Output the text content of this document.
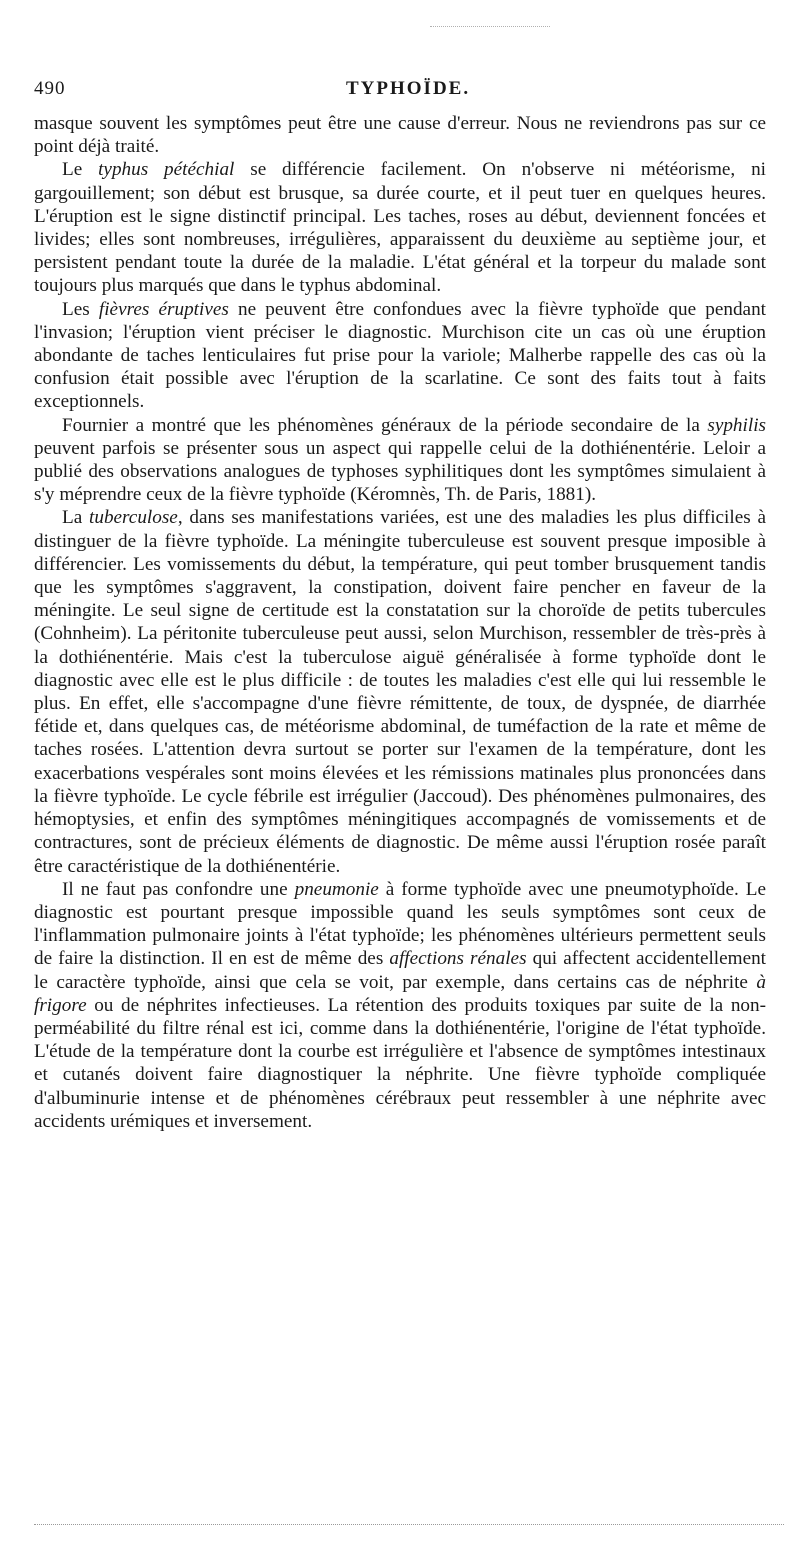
490	TYPHOÏDE.

masque souvent les symptômes peut être une cause d'erreur. Nous ne reviendrons pas sur ce point déjà traité.

Le typhus pétéchial se différencie facilement. On n'observe ni météorisme, ni gargouillement; son début est brusque, sa durée courte, et il peut tuer en quelques heures. L'éruption est le signe distinctif principal. Les taches, roses au début, deviennent foncées et livides; elles sont nombreuses, irrégulières, apparaissent du deuxième au septième jour, et persistent pendant toute la durée de la maladie. L'état général et la torpeur du malade sont toujours plus marqués que dans le typhus abdominal.

Les fièvres éruptives ne peuvent être confondues avec la fièvre typhoïde que pendant l'invasion; l'éruption vient préciser le diagnostic. Murchison cite un cas où une éruption abondante de taches lenticulaires fut prise pour la variole; Malherbe rappelle des cas où la confusion était possible avec l'éruption de la scarlatine. Ce sont des faits tout à faits exceptionnels.

Fournier a montré que les phénomènes généraux de la période secondaire de la syphilis peuvent parfois se présenter sous un aspect qui rappelle celui de la dothiénentérie. Leloir a publié des observations analogues de typhoses syphilitiques dont les symptômes simulaient à s'y méprendre ceux de la fièvre typhoïde (Kéromnès, Th. de Paris, 1881).

La tuberculose, dans ses manifestations variées, est une des maladies les plus difficiles à distinguer de la fièvre typhoïde. La méningite tuberculeuse est souvent presque imposible à différencier. Les vomissements du début, la température, qui peut tomber brusquement tandis que les symptômes s'aggravent, la constipation, doivent faire pencher en faveur de la méningite. Le seul signe de certitude est la constatation sur la choroïde de petits tubercules (Cohnheim). La péritonite tuberculeuse peut aussi, selon Murchison, ressembler de très-près à la dothiénentérie. Mais c'est la tuberculose aiguë généralisée à forme typhoïde dont le diagnostic avec elle est le plus difficile : de toutes les maladies c'est elle qui lui ressemble le plus. En effet, elle s'accompagne d'une fièvre rémittente, de toux, de dyspnée, de diarrhée fétide et, dans quelques cas, de météorisme abdominal, de tuméfaction de la rate et même de taches rosées. L'attention devra surtout se porter sur l'examen de la température, dont les exacerbations vespérales sont moins élevées et les rémissions matinales plus prononcées dans la fièvre typhoïde. Le cycle fébrile est irrégulier (Jaccoud). Des phénomènes pulmonaires, des hémoptysies, et enfin des symptômes méningitiques accompagnés de vomissements et de contractures, sont de précieux éléments de diagnostic. De même aussi l'éruption rosée paraît être caractéristique de la dothiénentérie.

Il ne faut pas confondre une pneumonie à forme typhoïde avec une pneumotyphoïde. Le diagnostic est pourtant presque impossible quand les seuls symptômes sont ceux de l'inflammation pulmonaire joints à l'état typhoïde; les phénomènes ultérieurs permettent seuls de faire la distinction. Il en est de même des affections rénales qui affectent accidentellement le caractère typhoïde, ainsi que cela se voit, par exemple, dans certains cas de néphrite à frigore ou de néphrites infectieuses. La rétention des produits toxiques par suite de la non-perméabilité du filtre rénal est ici, comme dans la dothiénentérie, l'origine de l'état typhoïde. L'étude de la température dont la courbe est irrégulière et l'absence de symptômes intestinaux et cutanés doivent faire diagnostiquer la néphrite. Une fièvre typhoïde compliquée d'albuminurie intense et de phénomènes cérébraux peut ressembler à une néphrite avec accidents urémiques et inversement.
